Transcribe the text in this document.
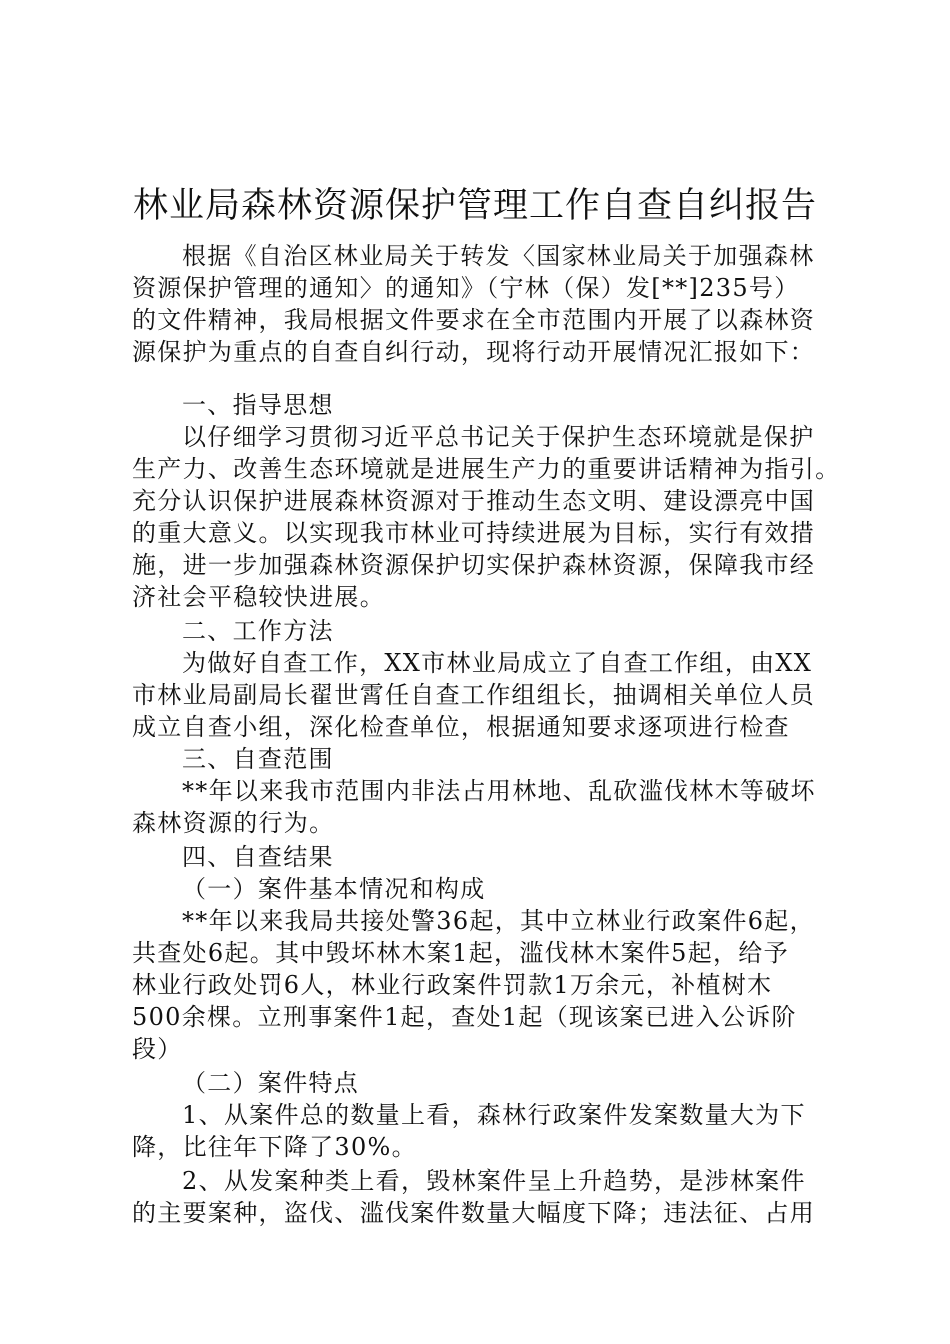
林业局森林资源保护管理工作自查自纠报告
根据《自治区林业局关于转发〈国家林业局关于加强森林
资源保护管理的通知〉的通知》（宁林（保）发[**]235号）
的文件精神，我局根据文件要求在全市范围内开展了以森林资
源保护为重点的自查自纠行动，现将行动开展情况汇报如下：
一、指导思想
以仔细学习贯彻习近平总书记关于保护生态环境就是保护
生产力、改善生态环境就是进展生产力的重要讲话精神为指引。
充分认识保护进展森林资源对于推动生态文明、建设漂亮中国
的重大意义。以实现我市林业可持续进展为目标，实行有效措
施，进一步加强森林资源保护切实保护森林资源，保障我市经
济社会平稳较快进展。
二、工作方法
为做好自查工作，XX市林业局成立了自查工作组，由XX
市林业局副局长翟世霄任自查工作组组长，抽调相关单位人员
成立自查小组，深化检查单位，根据通知要求逐项进行检查
三、自查范围
**年以来我市范围内非法占用林地、乱砍滥伐林木等破坏
森林资源的行为。
四、自查结果
（一）案件基本情况和构成
**年以来我局共接处警36起，其中立林业行政案件6起，
共查处6起。其中毁坏林木案1起，滥伐林木案件5起，给予
林业行政处罚6人，林业行政案件罚款1万余元，补植树木
500余棵。立刑事案件1起，查处1起（现该案已进入公诉阶
段）
（二）案件特点
1、从案件总的数量上看，森林行政案件发案数量大为下
降，比往年下降了30%。
2、从发案种类上看，毁林案件呈上升趋势，是涉林案件
的主要案种，盗伐、滥伐案件数量大幅度下降；违法征、占用
